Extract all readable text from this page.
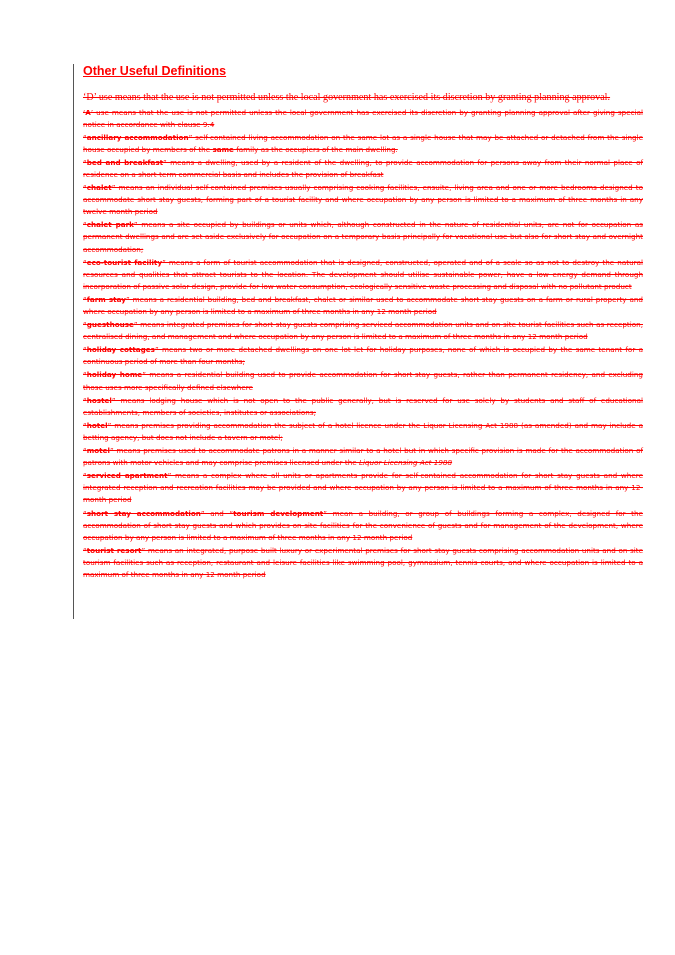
Other Useful Definitions

‘D’ use means that the use is not permitted unless the local government has exercised its discretion by granting planning approval.

‘A’ use means that the use is not permitted unless the local government has exercised its discretion by granting planning approval after giving special notice in accordance with clause 9.4

“ancillary accommodation” self-contained living accommodation on the same lot as a single house that may be attached or detached from the single house occupied by members of the same family as the occupiers of the main dwelling.

“bed and breakfast” means a dwelling, used by a resident of the dwelling, to provide accommodation for persons away from their normal place of residence on a short-term commercial basis and includes the provision of breakfast

“chalet” means an individual self-contained premises usually comprising cooking facilities, ensuite, living area and one or more bedrooms designed to accommodate short stay guests, forming part of a tourist facility and where occupation by any person is limited to a maximum of three months in any twelve month period

“chalet park” means a site occupied by buildings or units which, although constructed in the nature of residential units, are not for occupation as permanent dwellings and are set aside exclusively for occupation on a temporary basis principally for vacational use but also for short stay and overnight accommodation;

“eco-tourist facility” means a form of tourist accommodation that is designed, constructed, operated and of a scale so as not to destroy the natural resources and qualities that attract tourists to the location. The development should utilise sustainable power, have a low energy demand through incorporation of passive solar design, provide for low water consumption, ecologically sensitive waste processing and disposal with no pollutant product

“farm stay” means a residential building, bed and breakfast, chalet or similar used to accommodate short-stay guests on a farm or rural property and where occupation by any person is limited to a maximum of three months in any 12 month period

“guesthouse” means integrated premises for short-stay guests comprising serviced accommodation units and on-site tourist facilities such as reception, centralised dining, and management and where occupation by any person is limited to a maximum of three months in any 12 month period

“holiday cottages” means two or more detached dwellings on one lot let for holiday purposes, none of which is occupied by the same tenant for a continuous period of more than four months;

“holiday home” means a residential building used to provide accommodation for short-stay guests, rather than permanent residency, and excluding those uses more specifically defined elsewhere

“hostel” means lodging house which is not open to the public generally, but is reserved for use solely by students and staff of educational establishments, members of societies, institutes or associations;

“hotel” means premises providing accommodation the subject of a hotel licence under the Liquor Licensing Act 1988 (as amended) and may include a betting agency, but does not include a tavern or motel;

“motel” means premises used to accommodate patrons in a manner similar to a hotel but in which specific provision is made for the accommodation of patrons with motor vehicles and may comprise premises licensed under the Liquor Licensing Act 1988

“serviced apartment” means a complex where all units or apartments provide for self-contained accommodation for short stay guests and where integrated reception and recreation facilities may be provided and where occupation by any person is limited to a maximum of three months in any 12-month period

“short stay accommodation” and “tourism development” mean a building, or group of buildings forming a complex, designed for the accommodation of short stay guests and which provides on-site facilities for the convenience of guests and for management of the development, where occupation by any person is limited to a maximum of three months in any 12 month period

“tourist resort” means an integrated, purpose built luxury or experimental premises for short stay guests comprising accommodation units and on-site tourism facilities such as reception, restaurant and leisure facilities like swimming pool, gymnasium, tennis courts, and where occupation is limited to a maximum of three months in any 12 month period
